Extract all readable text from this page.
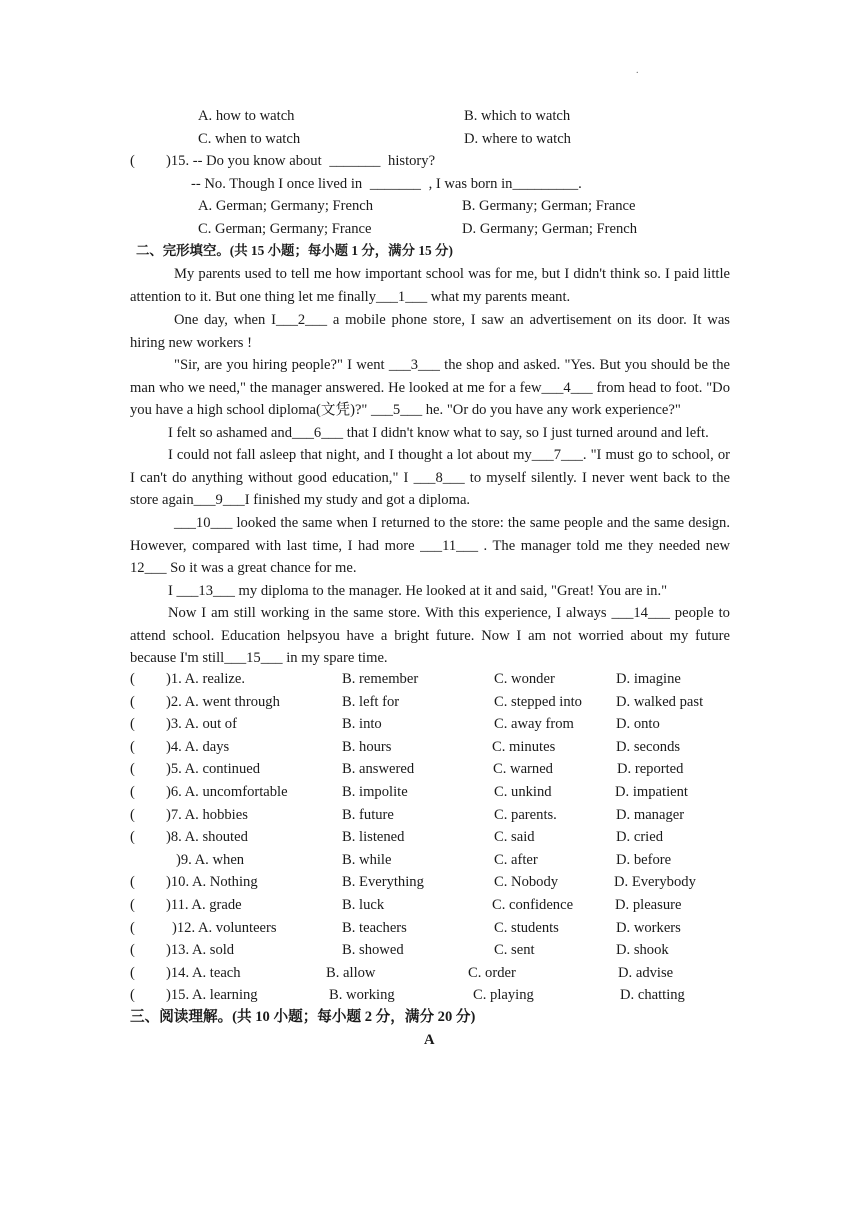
.
A. how to watch	B. which to watch
C. when to watch	D. where to watch
( )15. -- Do you know about _______ history?
-- No. Though I once lived in _______ , I was born in_________.
A. German; Germany; French	B. Germany; German; France
C. German; Germany; France	D. Germany; German; French
二、完形填空。(共 15 小题；每小题 1 分，满分 15 分)
My parents used to tell me how important school was for me, but I didn't think so. I paid little attention to it. But one thing let me finally___1___ what my parents meant.
One day, when I___2___ a mobile phone store, I saw an advertisement on its door. It was hiring new workers !
"Sir, are you hiring people?" I went ___3___ the shop and asked. "Yes. But you should be the man who we need," the manager answered. He looked at me for a few___4___ from head to foot. "Do you have a high school diploma(文凭)?" ___5___ he. "Or do you have any work experience?"
I felt so ashamed and___6___ that I didn't know what to say, so I just turned around and left.
I could not fall asleep that night, and I thought a lot about my___7___. "I must go to school, or I can't do anything without good education," I ___8___ to myself silently. I never went back to the store again___9___I finished my study and got a diploma.
___10___ looked the same when I returned to the store: the same people and the same design. However, compared with last time, I had more ___11___ . The manager told me they needed new 12___ So it was a great chance for me.
I ___13___ my diploma to the manager. He looked at it and said, "Great! You are in."
Now I am still working in the same store. With this experience, I always ___14___ people to attend school. Education helpsyou have a bright future. Now I am not worried about my future because I'm still___15___ in my spare time.
( )1. A. realize.	B. remember	C. wonder	D. imagine
( )2. A. went through	B. left for	C. stepped into D. walked past
( )3. A. out of	B. into	C. away from	D. onto
( )4. A. days	B. hours	C. minutes	D. seconds
( )5. A. continued	B. answered	C. warned	D. reported
( )6. A. uncomfortable	B. impolite	C. unkind	D. impatient
( )7. A. hobbies	B. future	C. parents.	D. manager
( )8. A. shouted	B. listened	C. said	D. cried
)9. A. when	B. while	C. after	D. before
( )10. A. Nothing	B. Everything	C. Nobody	D. Everybody
( )11. A. grade	B. luck	C. confidence	D. pleasure
(	)12. A. volunteers	B. teachers	C. students	D. workers
( )13. A. sold	B. showed	C. sent	D. shook
( )14. A. teach	B. allow	C. order	D. advise
( )15. A. learning	B. working	C. playing	D. chatting
三、阅读理解。(共 10 小题；每小题 2 分，满分 20 分)
A
